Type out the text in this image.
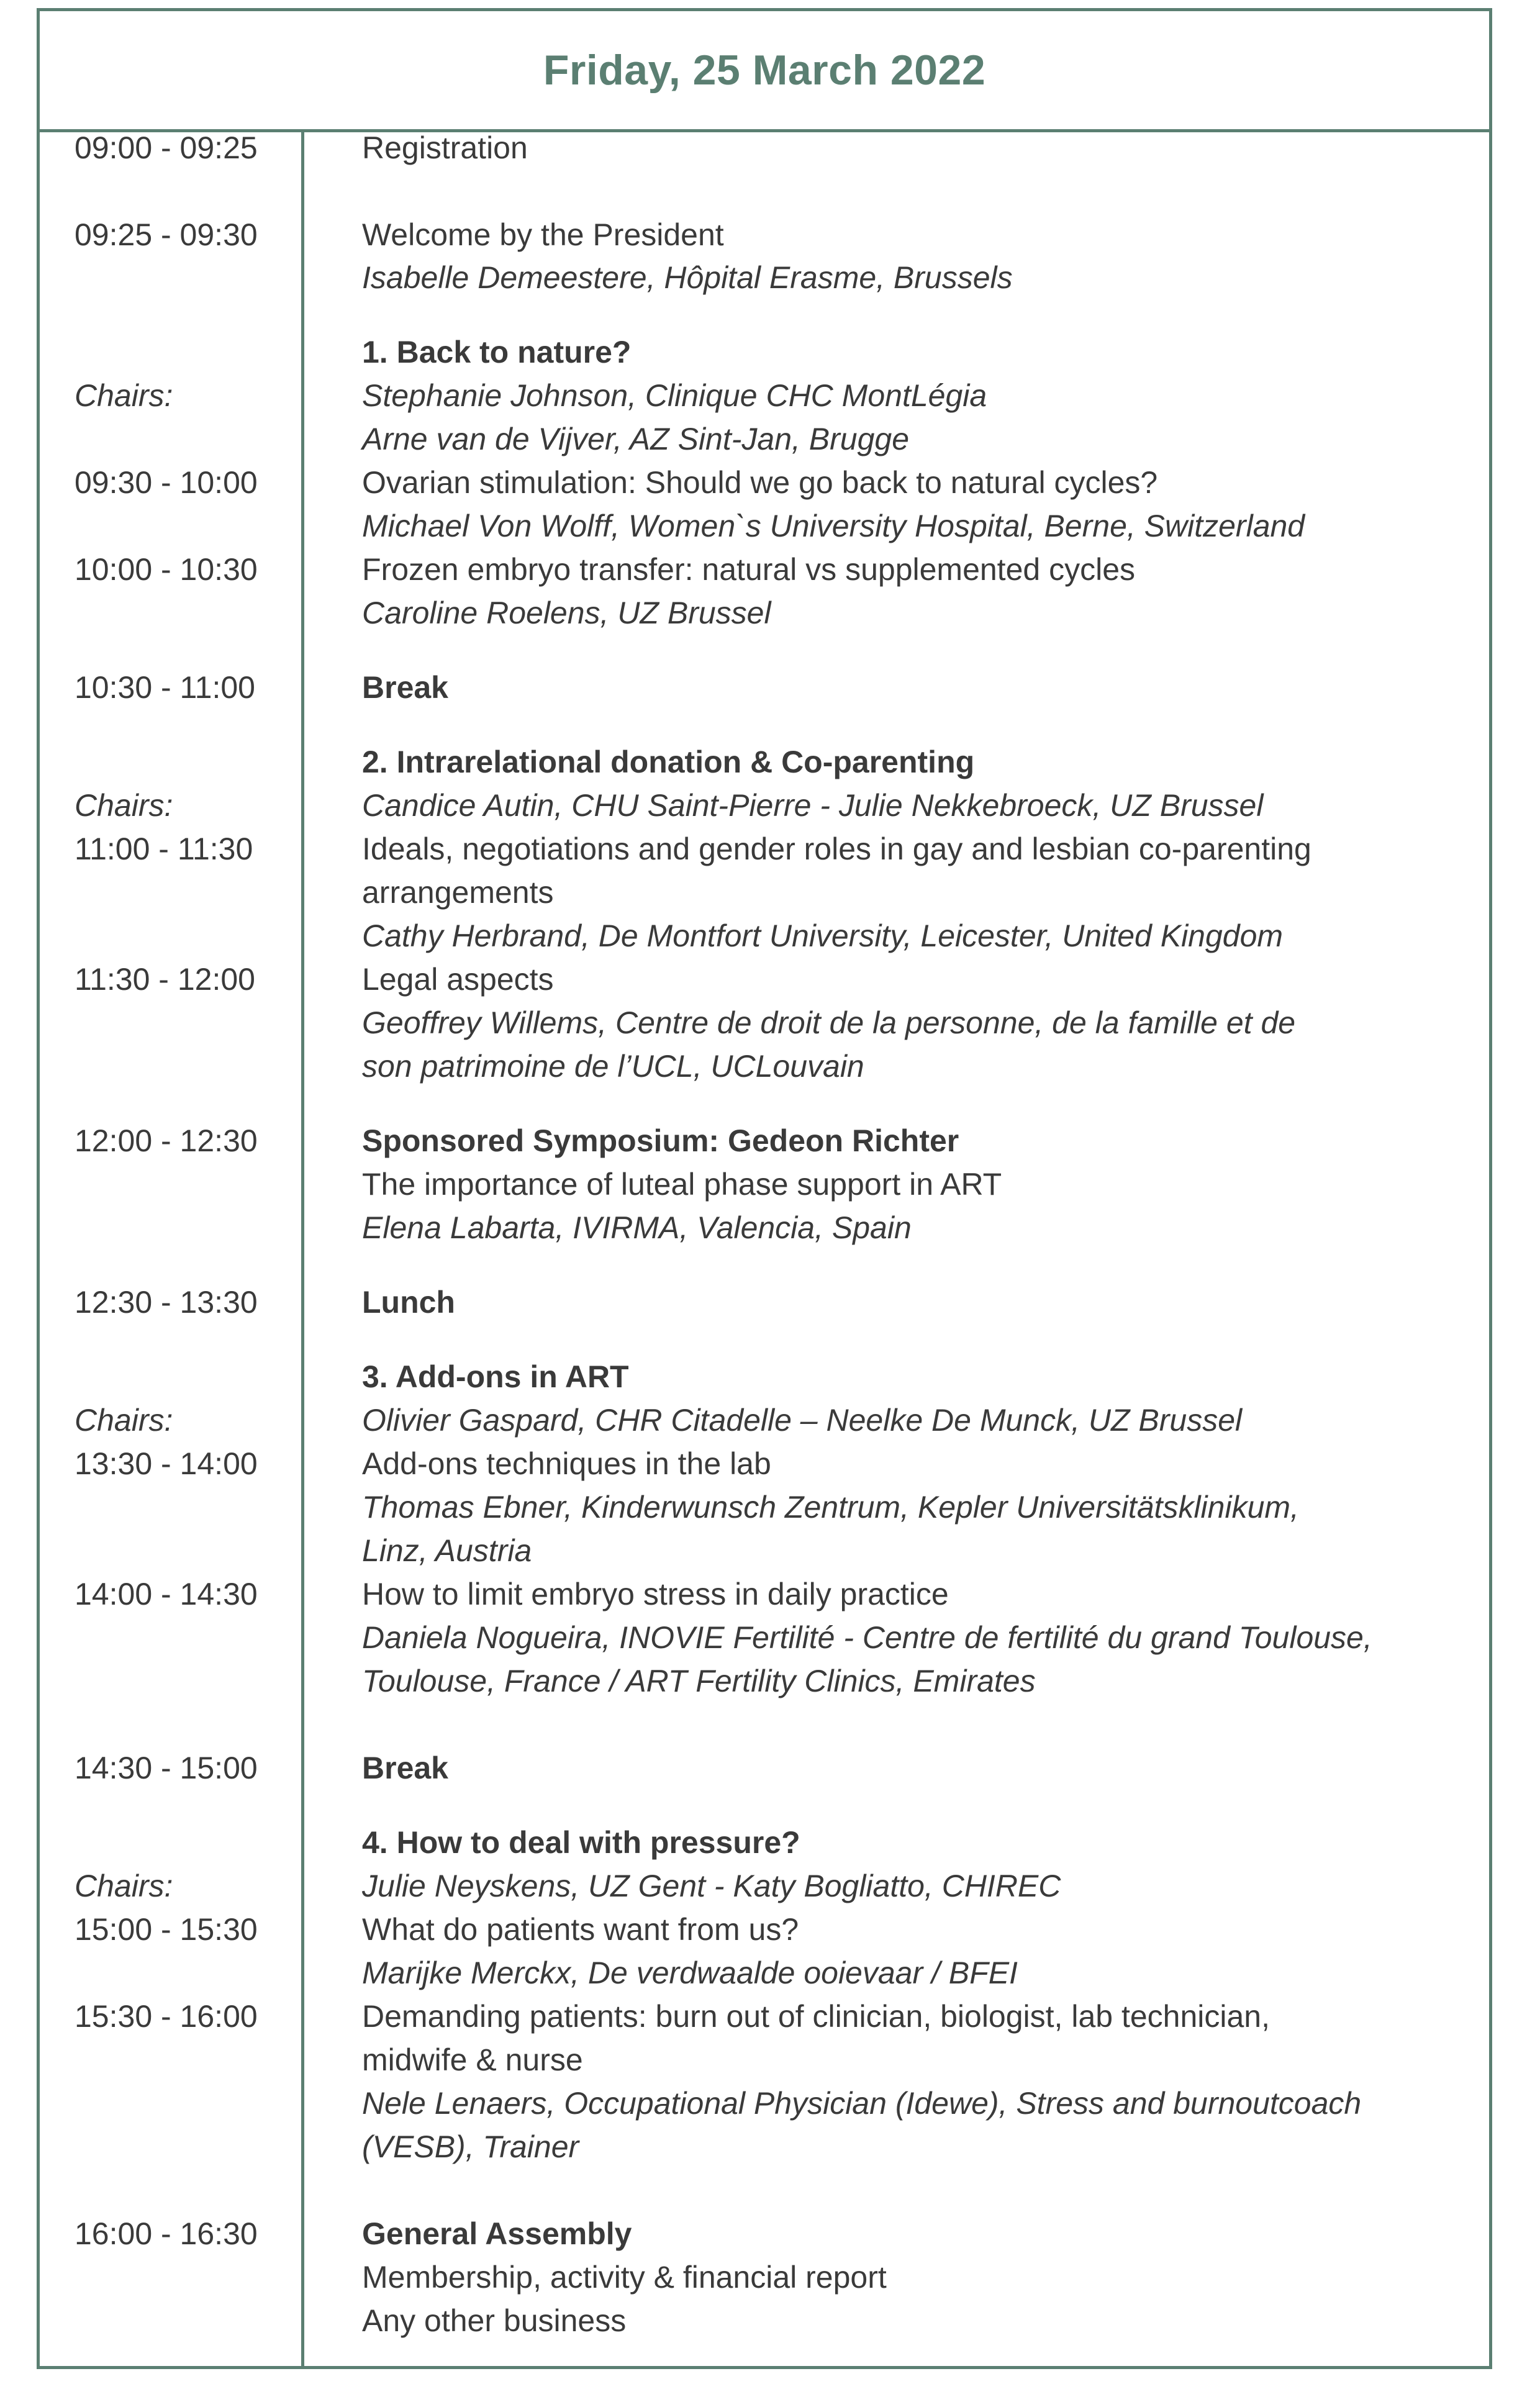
Friday, 25 March 2022
09:00 - 09:25
09:25 - 09:30
Chairs:
09:30 - 10:00
10:00 - 10:30
10:30 - 11:00
Chairs:
11:00 - 11:30
11:30 - 12:00
12:00 - 12:30
12:30 - 13:30
Chairs:
13:30 - 14:00
14:00 - 14:30
14:30 - 15:00
Chairs:
15:00 - 15:30
15:30 - 16:00
16:00 - 16:30
Registration
Welcome by the President
Isabelle Demeestere, Hôpital Erasme, Brussels
1. Back to nature?
Stephanie Johnson, Clinique CHC MontLégia
Arne van de Vijver, AZ Sint-Jan, Brugge
Ovarian stimulation: Should we go back to natural cycles?
Michael Von Wolff, Women`s University Hospital, Berne, Switzerland
Frozen embryo transfer: natural vs supplemented cycles
Caroline Roelens, UZ Brussel
Break
2. Intrarelational donation & Co-parenting
Candice Autin, CHU Saint-Pierre - Julie Nekkebroeck, UZ Brussel
Ideals, negotiations and gender roles in gay and lesbian co-parenting
arrangements
Cathy Herbrand, De Montfort University, Leicester, United Kingdom
Legal aspects
Geoffrey Willems, Centre de droit de la personne, de la famille et de
son patrimoine de l’UCL, UCLouvain
Sponsored Symposium: Gedeon Richter
The importance of luteal phase support in ART
Elena Labarta, IVIRMA, Valencia, Spain
Lunch
3. Add-ons in ART
Olivier Gaspard, CHR Citadelle – Neelke De Munck, UZ Brussel
Add-ons techniques in the lab
Thomas Ebner, Kinderwunsch Zentrum, Kepler Universitätsklinikum,
Linz, Austria
How to limit embryo stress in daily practice
Daniela Nogueira, INOVIE Fertilité - Centre de fertilité du grand Toulouse,
Toulouse, France / ART Fertility Clinics, Emirates
Break
4. How to deal with pressure?
Julie Neyskens, UZ Gent - Katy Bogliatto, CHIREC
What do patients want from us?
Marijke Merckx, De verdwaalde ooievaar / BFEI
Demanding patients: burn out of clinician, biologist, lab technician,
midwife & nurse
Nele Lenaers, Occupational Physician (Idewe), Stress and burnoutcoach
(VESB), Trainer
General Assembly
Membership, activity & financial report
Any other business
